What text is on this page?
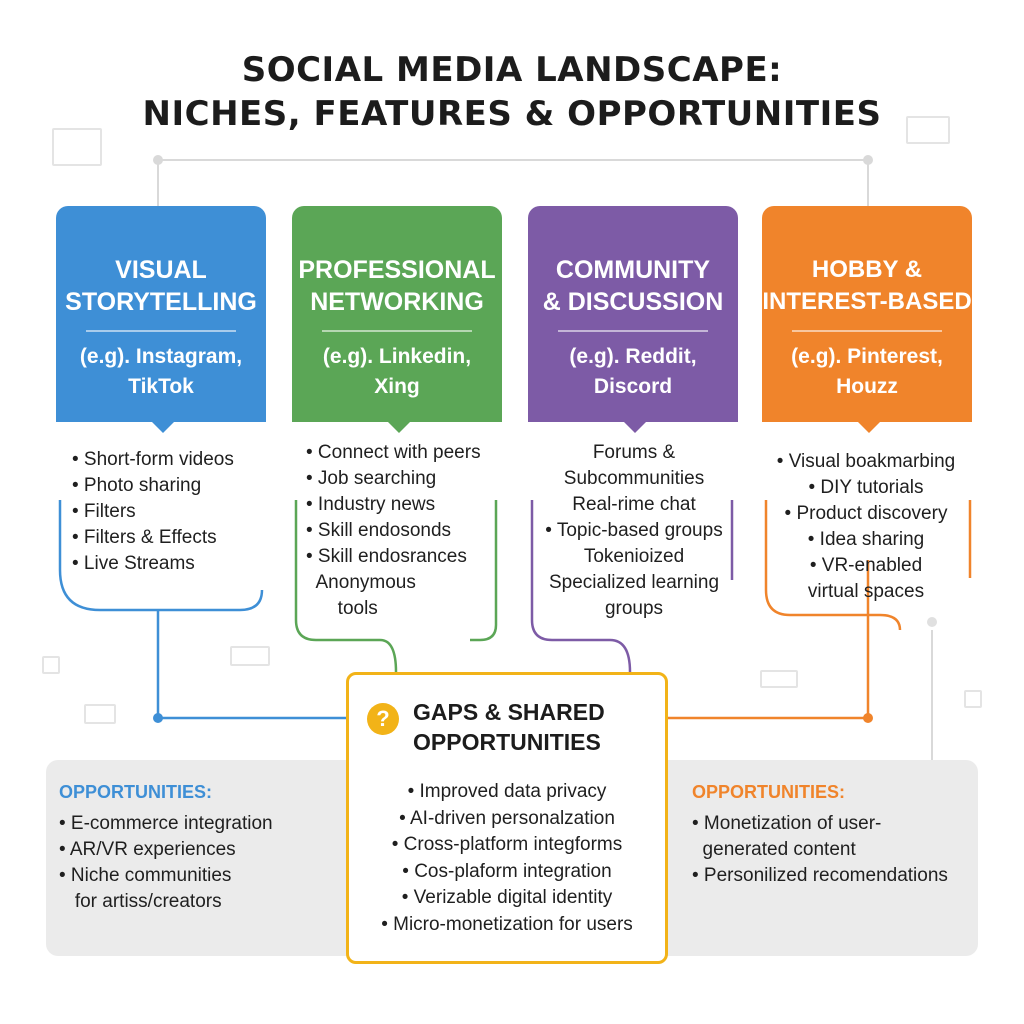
SOCIAL MEDIA LANDSCAPE:
NICHES, FEATURES & OPPORTUNITIES
VISUAL
STORYTELLING
(e.g). Instagram,
TikTok
• Short-form videos
• Photo sharing
• Filters
• Filters & Effects
• Live Streams
PROFESSIONAL
NETWORKING
(e.g). Linkedin,
Xing
• Connect with peers
• Job searching
• Industry news
• Skill endosonds
• Skill endosrances
Anonymous
tools
COMMUNITY
& DISCUSSION
(e.g). Reddit,
Discord
Forums &
Subcommunities
Real-rime chat
• Topic-based groups
Tokenioized
Specialized learning
groups
HOBBY &
INTEREST-BASED
(e.g). Pinterest,
Houzz
• Visual boakmarbing
• DIY tutorials
• Product discovery
• Idea sharing
• VR-enabled
virtual spaces
OPPORTUNITIES:
• E-commerce integration
• AR/VR experiences
• Niche communities
for artiss/creators
OPPORTUNITIES:
• Monetization of user-
generated content
• Personilized recomendations
?	GAPS & SHARED
OPPORTUNITIES
• Improved data privacy
• AI-driven personalzation
• Cross-platform integforms
• Cos-plaform integration
• Verizable digital identity
• Micro-monetization for users
